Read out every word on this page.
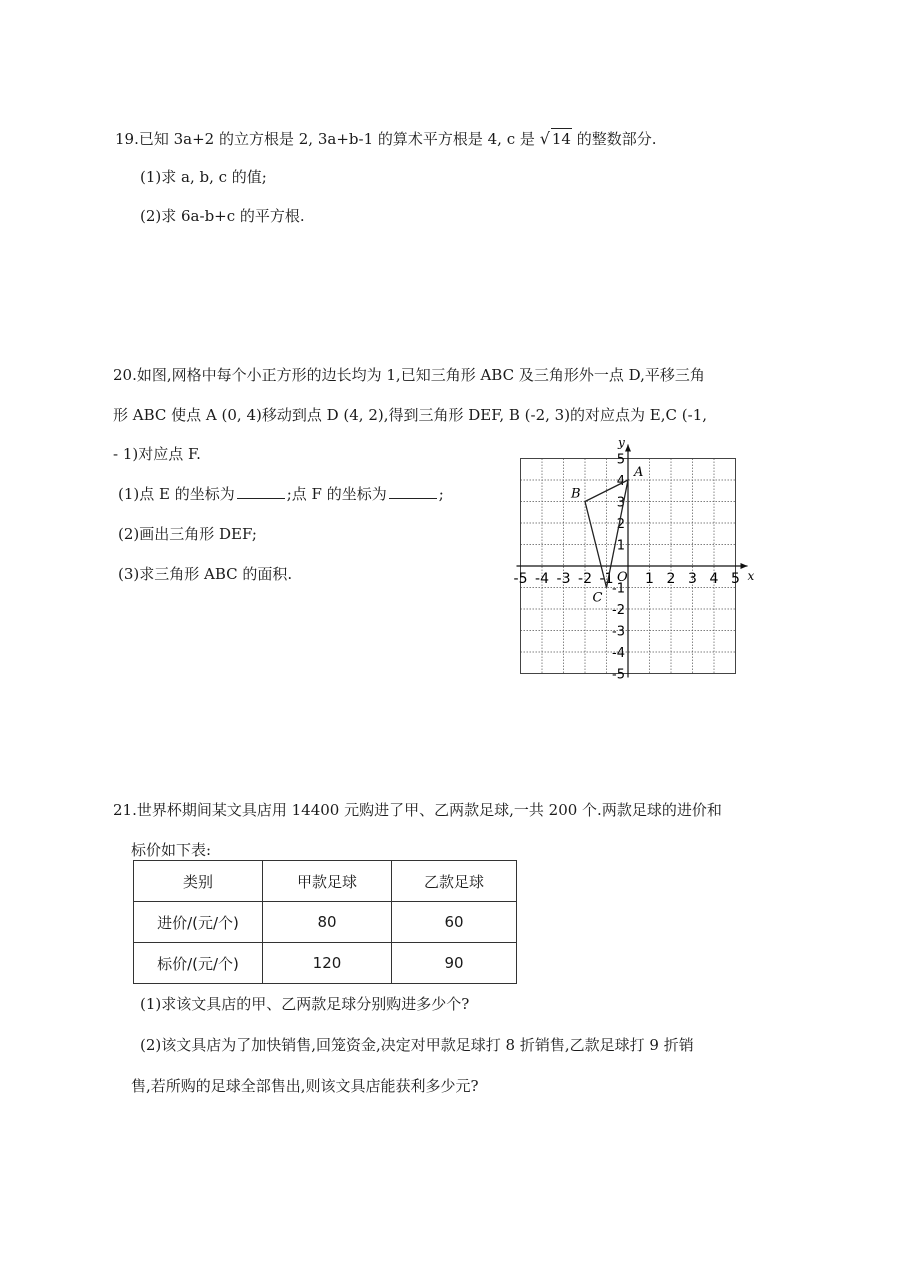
19.已知 3a+2 的立方根是 2, 3a+b-1 的算术平方根是 4, c 是 √ 14 的整数部分.
(1)求 a, b, c 的值;
(2)求 6a-b+c 的平方根.
20.如图,网格中每个小正方形的边长均为 1,已知三角形 ABC 及三角形外一点 D,平移三角
形 ABC 使点 A (0, 4)移动到点 D (4, 2),得到三角形 DEF, B (-2, 3)的对应点为 E,C (-1,
- 1)对应点 F.
(1)点 E 的坐标为	;点 F 的坐标为	;
(2)画出三角形 DEF;
(3)求三角形 ABC 的面积.	x
y
O
-5 -4 -3 -2 -1 1 2 3 4 5
5
4
3
2
1
-1
-2
-3
-4
-5
A
B
C
21.世界杯期间某文具店用 14400 元购进了甲、乙两款足球,一共 200 个.两款足球的进价和
标价如下表:
类别	甲款足球	乙款足球
进价/(元/个)	80	60
标价/(元/个)	120	90
(1)求该文具店的甲、乙两款足球分别购进多少个?
(2)该文具店为了加快销售,回笼资金,决定对甲款足球打 8 折销售,乙款足球打 9 折销
售,若所购的足球全部售出,则该文具店能获利多少元?
